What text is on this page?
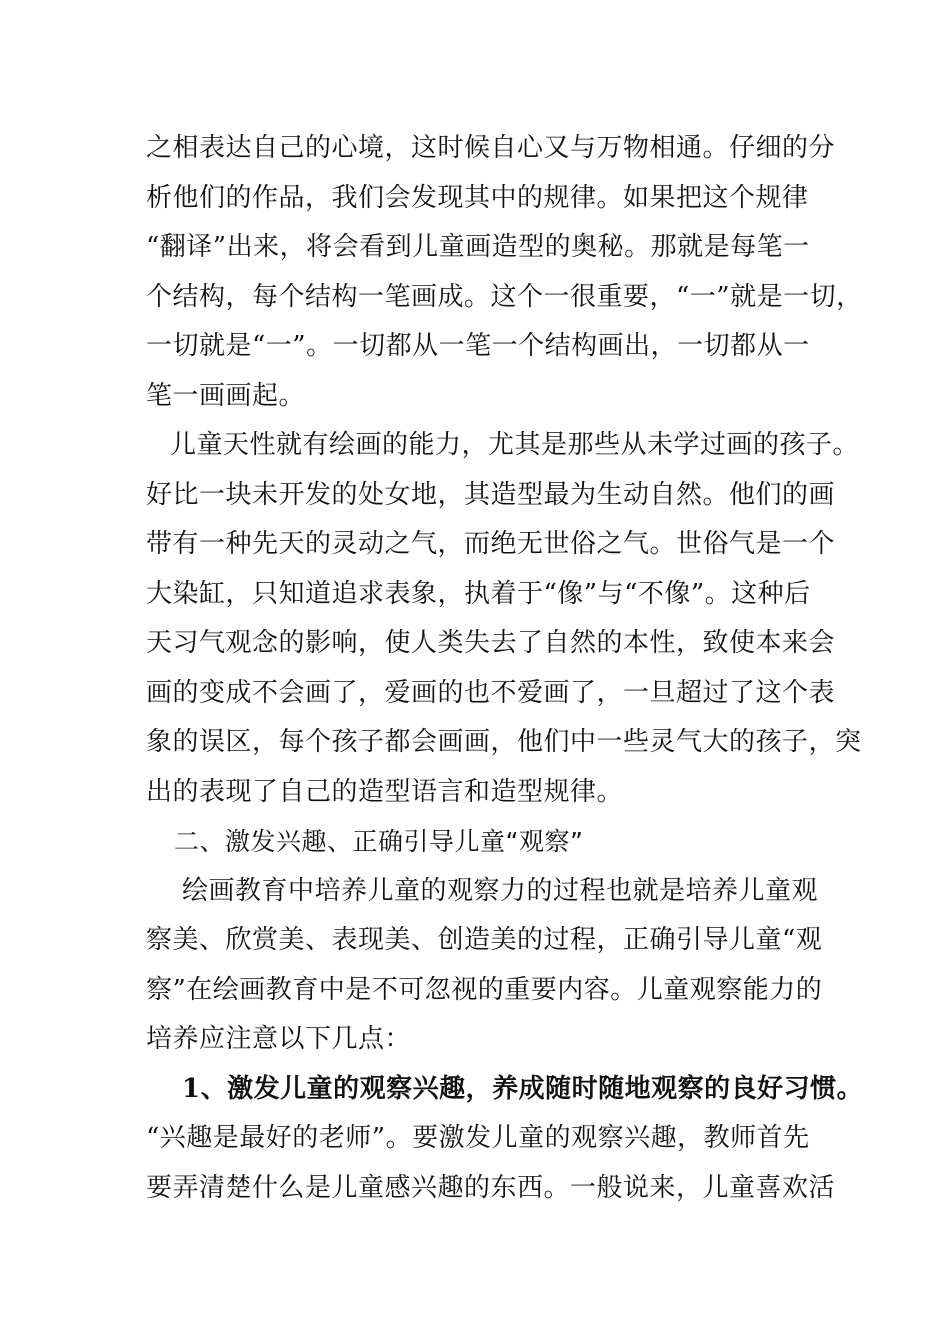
之相表达自己的心境，这时候自心又与万物相通。仔细的分
析他们的作品，我们会发现其中的规律。如果把这个规律
“翻译”出来，将会看到儿童画造型的奥秘。那就是每笔一
个结构，每个结构一笔画成。这个一很重要，“一”就是一切，
一切就是“一”。一切都从一笔一个结构画出，一切都从一
笔一画画起。
儿童天性就有绘画的能力，尤其是那些从未学过画的孩子。
好比一块未开发的处女地，其造型最为生动自然。他们的画
带有一种先天的灵动之气，而绝无世俗之气。世俗气是一个
大染缸，只知道追求表象，执着于“像”与“不像”。这种后
天习气观念的影响，使人类失去了自然的本性，致使本来会
画的变成不会画了，爱画的也不爱画了，一旦超过了这个表
象的误区，每个孩子都会画画，他们中一些灵气大的孩子，突
出的表现了自己的造型语言和造型规律。
二、激发兴趣、正确引导儿童“观察”
绘画教育中培养儿童的观察力的过程也就是培养儿童观
察美、欣赏美、表现美、创造美的过程，正确引导儿童“观
察”在绘画教育中是不可忽视的重要内容。儿童观察能力的
培养应注意以下几点：
1、激发儿童的观察兴趣，养成随时随地观察的良好习惯。
“兴趣是最好的老师”。要激发儿童的观察兴趣，教师首先
要弄清楚什么是儿童感兴趣的东西。一般说来，儿童喜欢活
